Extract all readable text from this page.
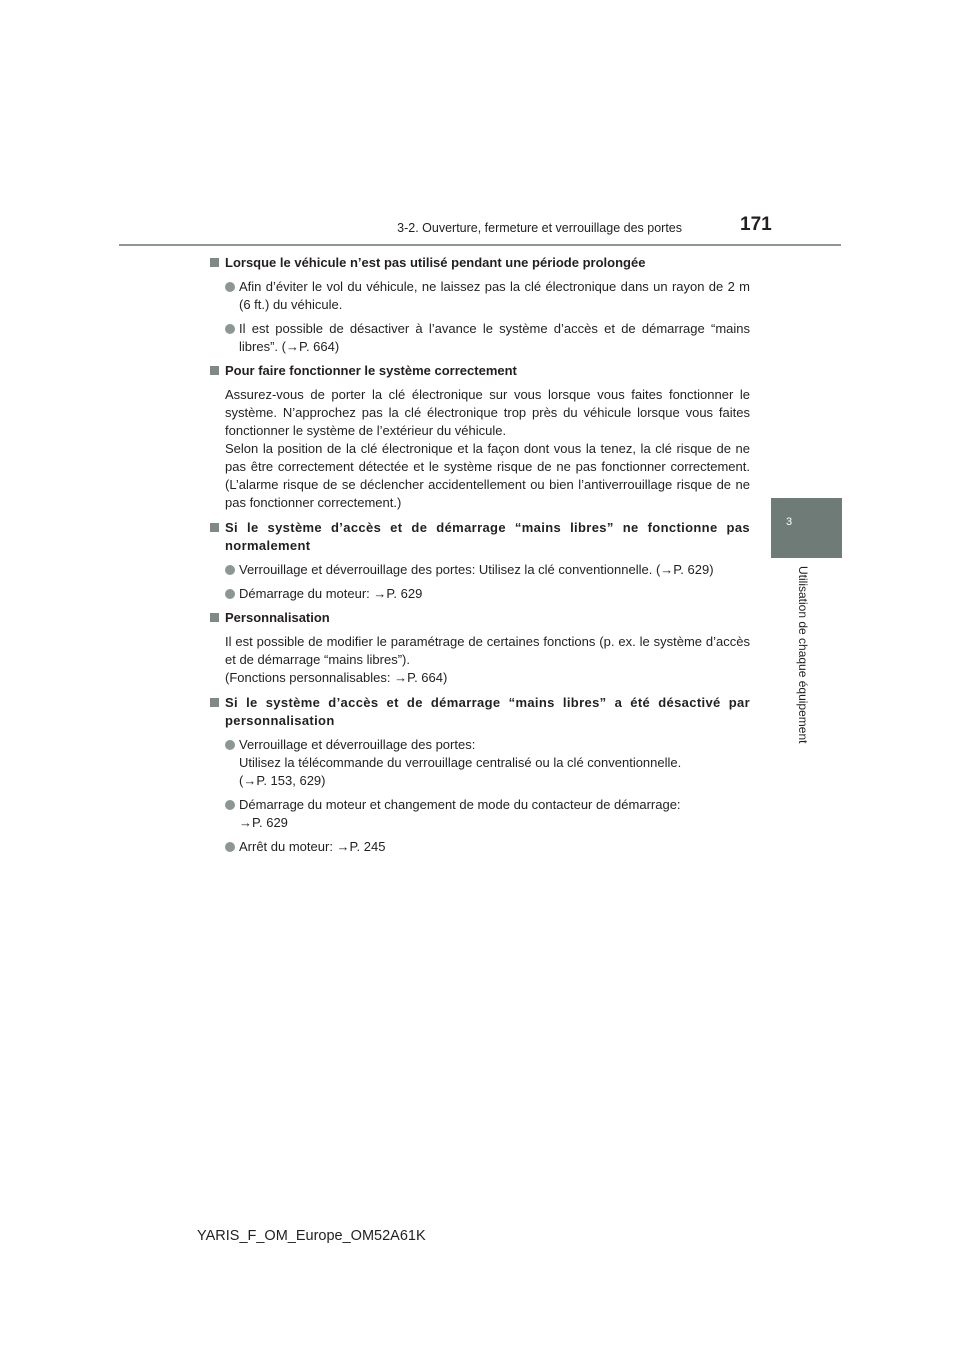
3-2. Ouverture, fermeture et verrouillage des portes	171
3
Utilisation de chaque équipement
Lorsque le véhicule n’est pas utilisé pendant une période prolongée
Afin d’éviter le vol du véhicule, ne laissez pas la clé électronique dans un rayon de 2 m (6 ft.) du véhicule.
Il est possible de désactiver à l’avance le système d’accès et de démarrage “mains libres”. (→P. 664)
Pour faire fonctionner le système correctement
Assurez-vous de porter la clé électronique sur vous lorsque vous faites fonctionner le système. N’approchez pas la clé électronique trop près du véhicule lorsque vous faites fonctionner le système de l’extérieur du véhicule.
Selon la position de la clé électronique et la façon dont vous la tenez, la clé risque de ne pas être correctement détectée et le système risque de ne pas fonctionner correctement. (L’alarme risque de se déclencher accidentellement ou bien l’antiverrouillage risque de ne pas fonctionner correctement.)
Si le système d’accès et de démarrage “mains libres” ne fonctionne pas normalement
Verrouillage et déverrouillage des portes: Utilisez la clé conventionnelle. (→P. 629)
Démarrage du moteur: →P. 629
Personnalisation
Il est possible de modifier le paramétrage de certaines fonctions (p. ex. le système d’accès et de démarrage “mains libres”).
(Fonctions personnalisables: →P. 664)
Si le système d’accès et de démarrage “mains libres” a été désactivé par personnalisation
Verrouillage et déverrouillage des portes:
Utilisez la télécommande du verrouillage centralisé ou la clé conventionnelle.
(→P. 153, 629)
Démarrage du moteur et changement de mode du contacteur de démarrage:
→P. 629
Arrêt du moteur: →P. 245
YARIS_F_OM_Europe_OM52A61K
